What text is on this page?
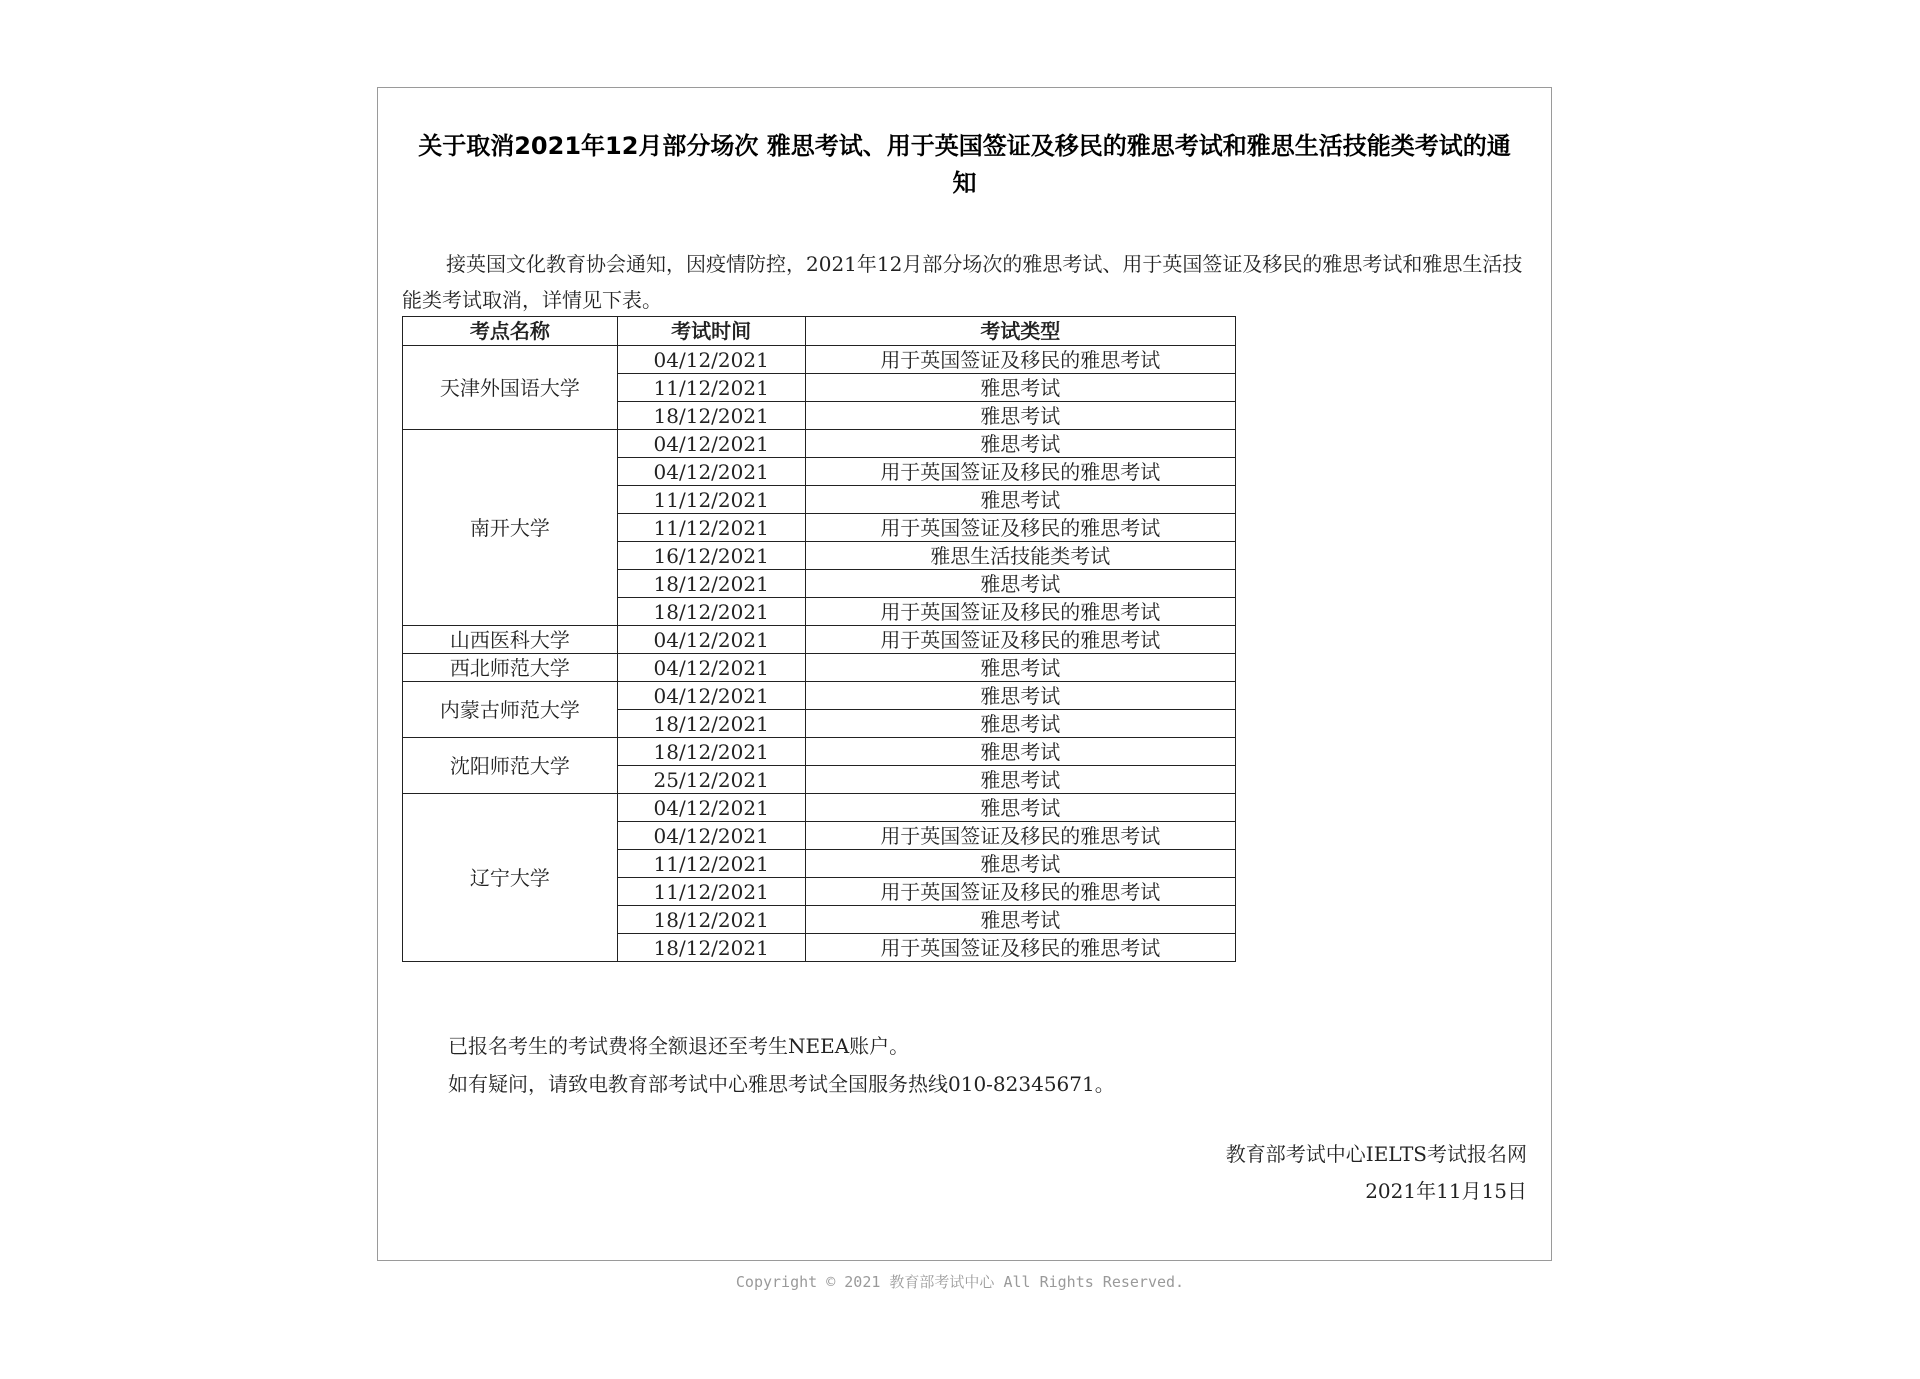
关于取消2021年12月部分场次 雅思考试、用于英国签证及移民的雅思考试和雅思生活技能类考试的通知

接英国文化教育协会通知，因疫情防控，2021年12月部分场次的雅思考试、用于英国签证及移民的雅思考试和雅思生活技能类考试取消，详情见下表。

考点名称	考试时间	考试类型
天津外国语大学	04/12/2021	用于英国签证及移民的雅思考试
	11/12/2021	雅思考试
	18/12/2021	雅思考试
南开大学	04/12/2021	雅思考试
	04/12/2021	用于英国签证及移民的雅思考试
	11/12/2021	雅思考试
	11/12/2021	用于英国签证及移民的雅思考试
	16/12/2021	雅思生活技能类考试
	18/12/2021	雅思考试
	18/12/2021	用于英国签证及移民的雅思考试
山西医科大学	04/12/2021	用于英国签证及移民的雅思考试
西北师范大学	04/12/2021	雅思考试
内蒙古师范大学	04/12/2021	雅思考试
	18/12/2021	雅思考试
沈阳师范大学	18/12/2021	雅思考试
	25/12/2021	雅思考试
辽宁大学	04/12/2021	雅思考试
	04/12/2021	用于英国签证及移民的雅思考试
	11/12/2021	雅思考试
	11/12/2021	用于英国签证及移民的雅思考试
	18/12/2021	雅思考试
	18/12/2021	用于英国签证及移民的雅思考试
已报名考生的考试费将全额退还至考生NEEA账户。
如有疑问，请致电教育部考试中心雅思考试全国服务热线010-82345671。
教育部考试中心IELTS考试报名网
2021年11月15日
Copyright © 2021 教育部考试中心 All Rights Reserved.
